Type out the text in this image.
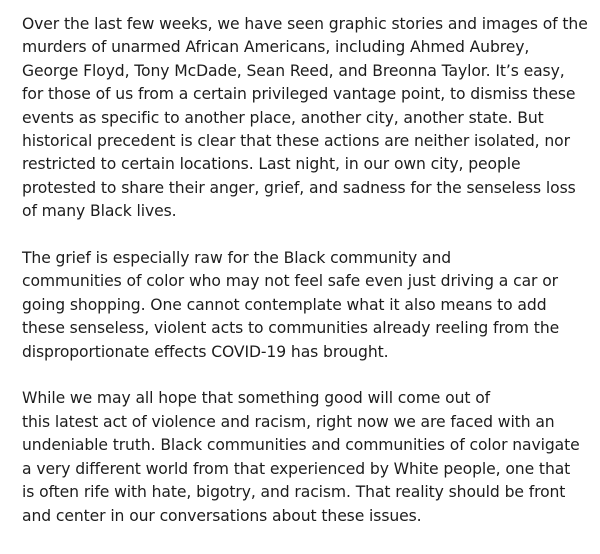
Over the last few weeks, we have seen graphic stories and images of the
murders of unarmed African Americans, including Ahmed Aubrey,
George Floyd, Tony McDade, Sean Reed, and Breonna Taylor. It’s easy,
for those of us from a certain privileged vantage point, to dismiss these
events as specific to another place, another city, another state. But
historical precedent is clear that these actions are neither isolated, nor
restricted to certain locations. Last night, in our own city, people
protested to share their anger, grief, and sadness for the senseless loss
of many Black lives.

The grief is especially raw for the Black community and
communities of color who may not feel safe even just driving a car or
going shopping. One cannot contemplate what it also means to add
these senseless, violent acts to communities already reeling from the
disproportionate effects COVID-19 has brought.

While we may all hope that something good will come out of
this latest act of violence and racism, right now we are faced with an
undeniable truth. Black communities and communities of color navigate
a very different world from that experienced by White people, one that
is often rife with hate, bigotry, and racism. That reality should be front
and center in our conversations about these issues.
